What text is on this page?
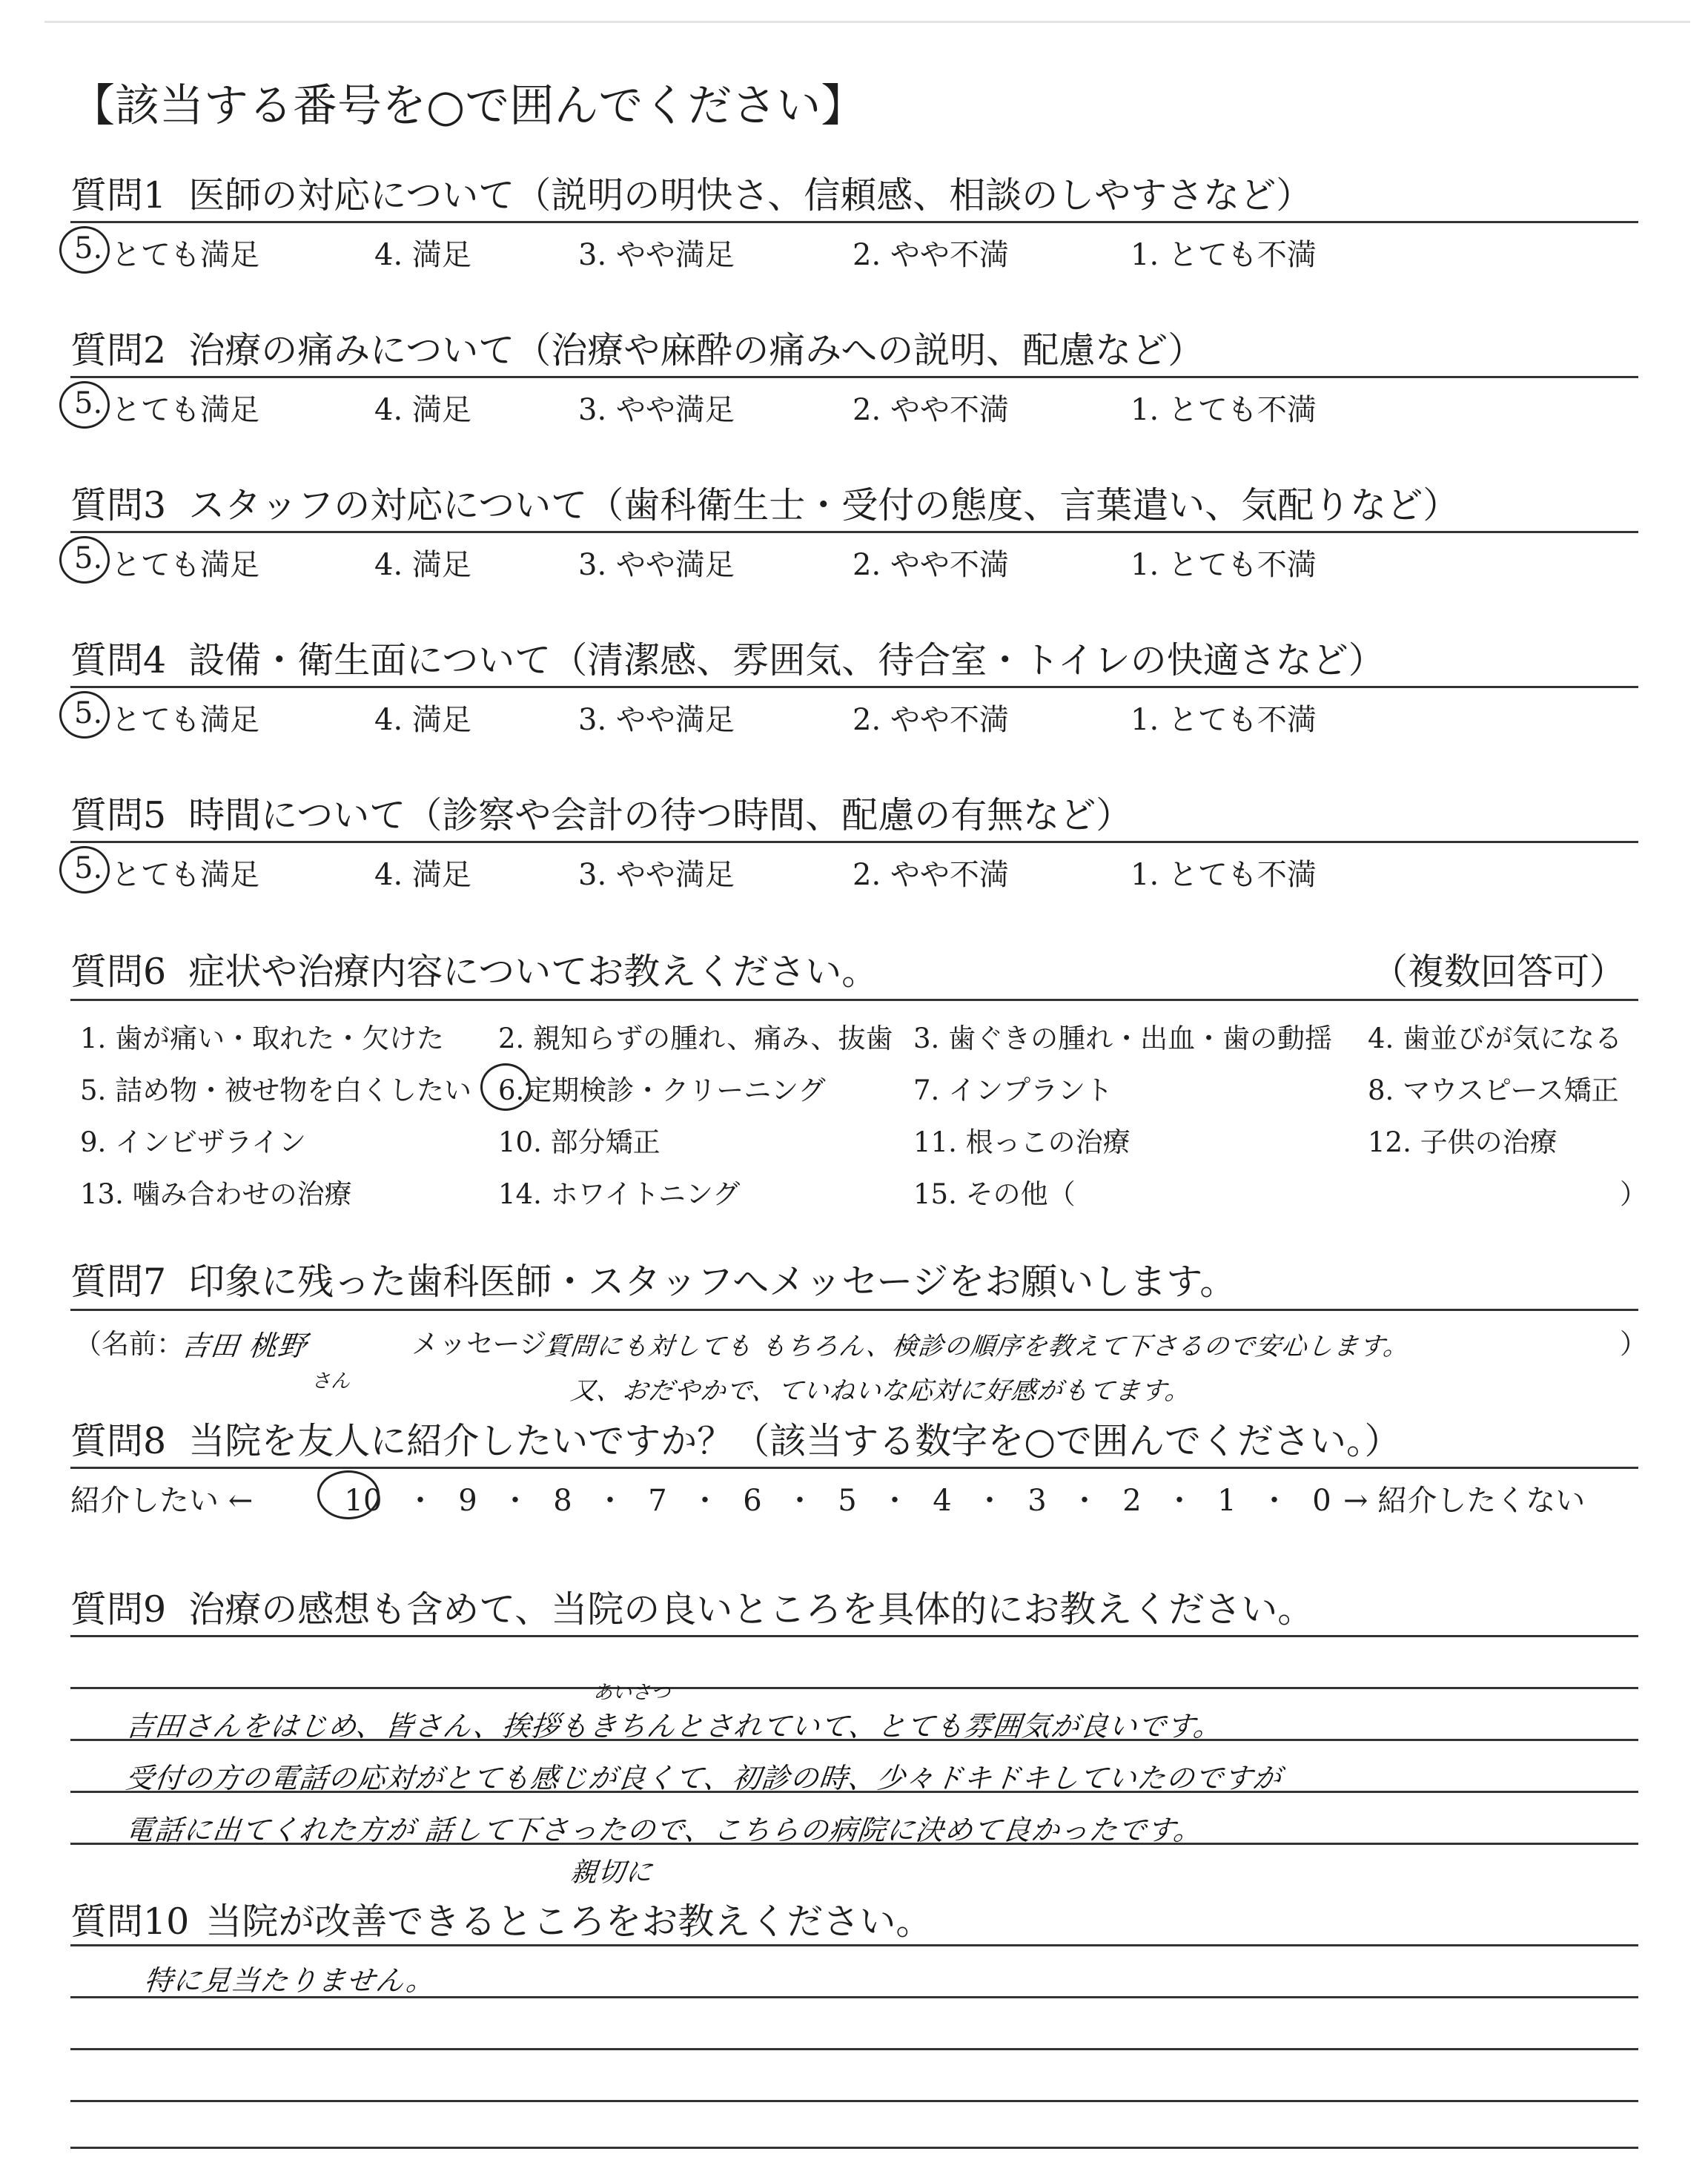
【該当する番号を○で囲んでください】
質問1 医師の対応について（説明の明快さ、信頼感、相談のしやすさなど）
5. とても満足	4. 満足	3. やや満足	2. やや不満	1. とても不満
質問2 治療の痛みについて（治療や麻酔の痛みへの説明、配慮など）
5. とても満足	4. 満足	3. やや満足	2. やや不満	1. とても不満
質問3 スタッフの対応について（歯科衛生士・受付の態度、言葉遣い、気配りなど）
5. とても満足	4. 満足	3. やや満足	2. やや不満	1. とても不満
質問4 設備・衛生面について（清潔感、雰囲気、待合室・トイレの快適さなど）
5. とても満足	4. 満足	3. やや満足	2. やや不満	1. とても不満
質問5 時間について（診察や会計の待つ時間、配慮の有無など）
5. とても満足	4. 満足	3. やや満足	2. やや不満	1. とても不満
質問6 症状や治療内容についてお教えください。	（複数回答可）
1. 歯が痛い・取れた・欠けた 2. 親知らずの腫れ、痛み、抜歯 3. 歯ぐきの腫れ・出血・歯の動揺 4. 歯並びが気になる
5. 詰め物・被せ物を白くしたい 6.定期検診・クリーニング	7. インプラント	8. マウスピース矯正
9. インビザライン	10. 部分矯正	11. 根っこの治療	12. 子供の治療
13. 噛み合わせの治療	14. ホワイトニング	15. その他（	）
質問7 印象に残った歯科医師・スタッフへメッセージをお願いします。
（名前：
吉田 桃野
さん
メッセージ：
質問にも対しても もちろん、検診の順序を教えて下さるので安心します。	）
又、おだやかで、ていねいな応対に好感がもてます。
質問8 当院を友人に紹介したいですか？（該当する数字を○で囲んでください。）
紹介したい ←	10 ・ 9 ・ 8 ・ 7 ・ 6 ・ 5 ・ 4 ・ 3 ・ 2 ・ 1 ・ 0 → 紹介したくない
質問9 治療の感想も含めて、当院の良いところを具体的にお教えください。
あいさつ
吉田さんをはじめ、皆さん、挨拶もきちんとされていて、とても雰囲気が良いです。
受付の方の電話の応対がとても感じが良くて、初診の時、少々ドキドキしていたのですが
電話に出てくれた方が 話して下さったので、こちらの病院に決めて良かったです。
親切に
質問10 当院が改善できるところをお教えください。
特に見当たりません。
